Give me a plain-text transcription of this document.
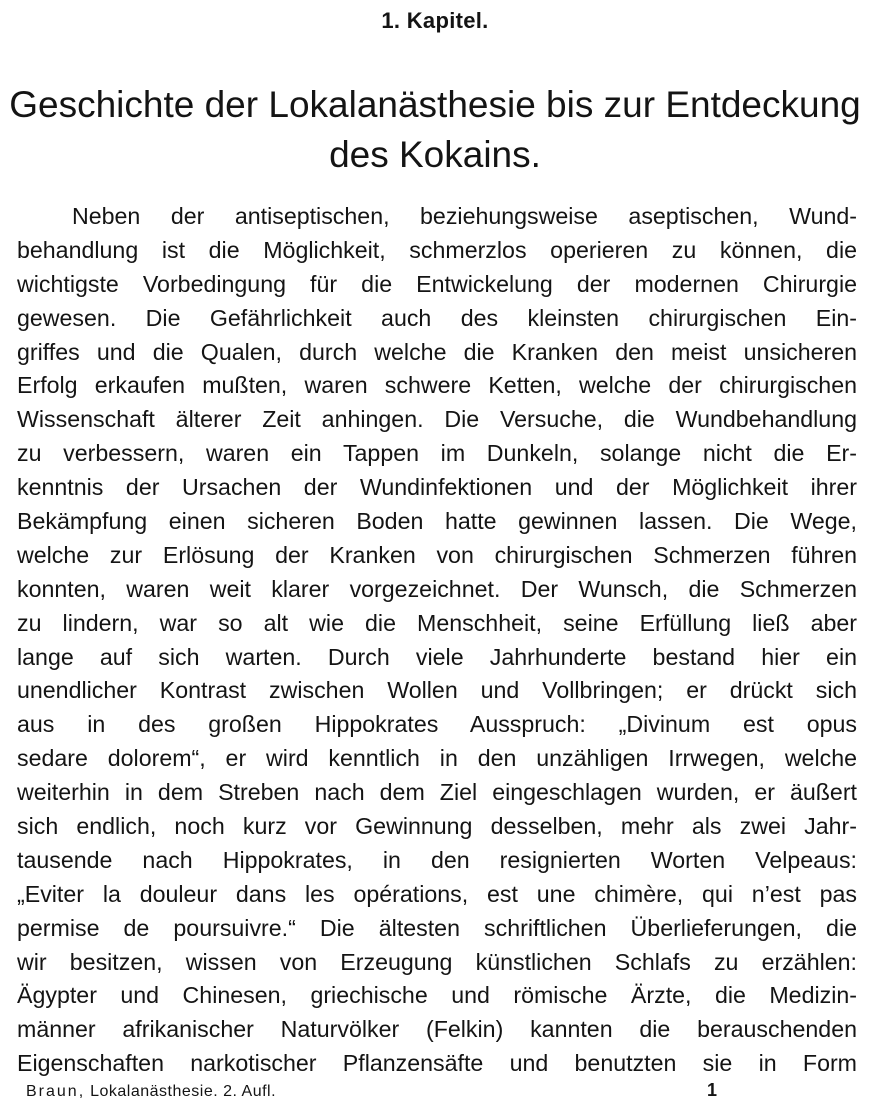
1. Kapitel.
Geschichte der Lokalanästhesie bis zur Entdeckung
des Kokains.
Neben der antiseptischen, beziehungsweise aseptischen, Wund-
behandlung ist die Möglichkeit, schmerzlos operieren zu können, die
wichtigste Vorbedingung für die Entwickelung der modernen Chirurgie
gewesen. Die Gefährlichkeit auch des kleinsten chirurgischen Ein-
griffes und die Qualen, durch welche die Kranken den meist unsicheren
Erfolg erkaufen mußten, waren schwere Ketten, welche der chirurgischen
Wissenschaft älterer Zeit anhingen. Die Versuche, die Wundbehandlung
zu verbessern, waren ein Tappen im Dunkeln, solange nicht die Er-
kenntnis der Ursachen der Wundinfektionen und der Möglichkeit ihrer
Bekämpfung einen sicheren Boden hatte gewinnen lassen. Die Wege,
welche zur Erlösung der Kranken von chirurgischen Schmerzen führen
konnten, waren weit klarer vorgezeichnet. Der Wunsch, die Schmerzen
zu lindern, war so alt wie die Menschheit, seine Erfüllung ließ aber
lange auf sich warten. Durch viele Jahrhunderte bestand hier ein
unendlicher Kontrast zwischen Wollen und Vollbringen; er drückt sich
aus in des großen Hippokrates Ausspruch: „Divinum est opus
sedare dolorem“, er wird kenntlich in den unzähligen Irrwegen, welche
weiterhin in dem Streben nach dem Ziel eingeschlagen wurden, er äußert
sich endlich, noch kurz vor Gewinnung desselben, mehr als zwei Jahr-
tausende nach Hippokrates, in den resignierten Worten Velpeaus:
„Eviter la douleur dans les opérations, est une chimère, qui n’est pas
permise de poursuivre.“ Die ältesten schriftlichen Überlieferungen, die
wir besitzen, wissen von Erzeugung künstlichen Schlafs zu erzählen:
Ägypter und Chinesen, griechische und römische Ärzte, die Medizin-
männer afrikanischer Naturvölker (Felkin) kannten die berauschenden
Eigenschaften narkotischer Pflanzensäfte und benutzten sie in Form
Braun, Lokalanästhesie. 2. Aufl.	1
